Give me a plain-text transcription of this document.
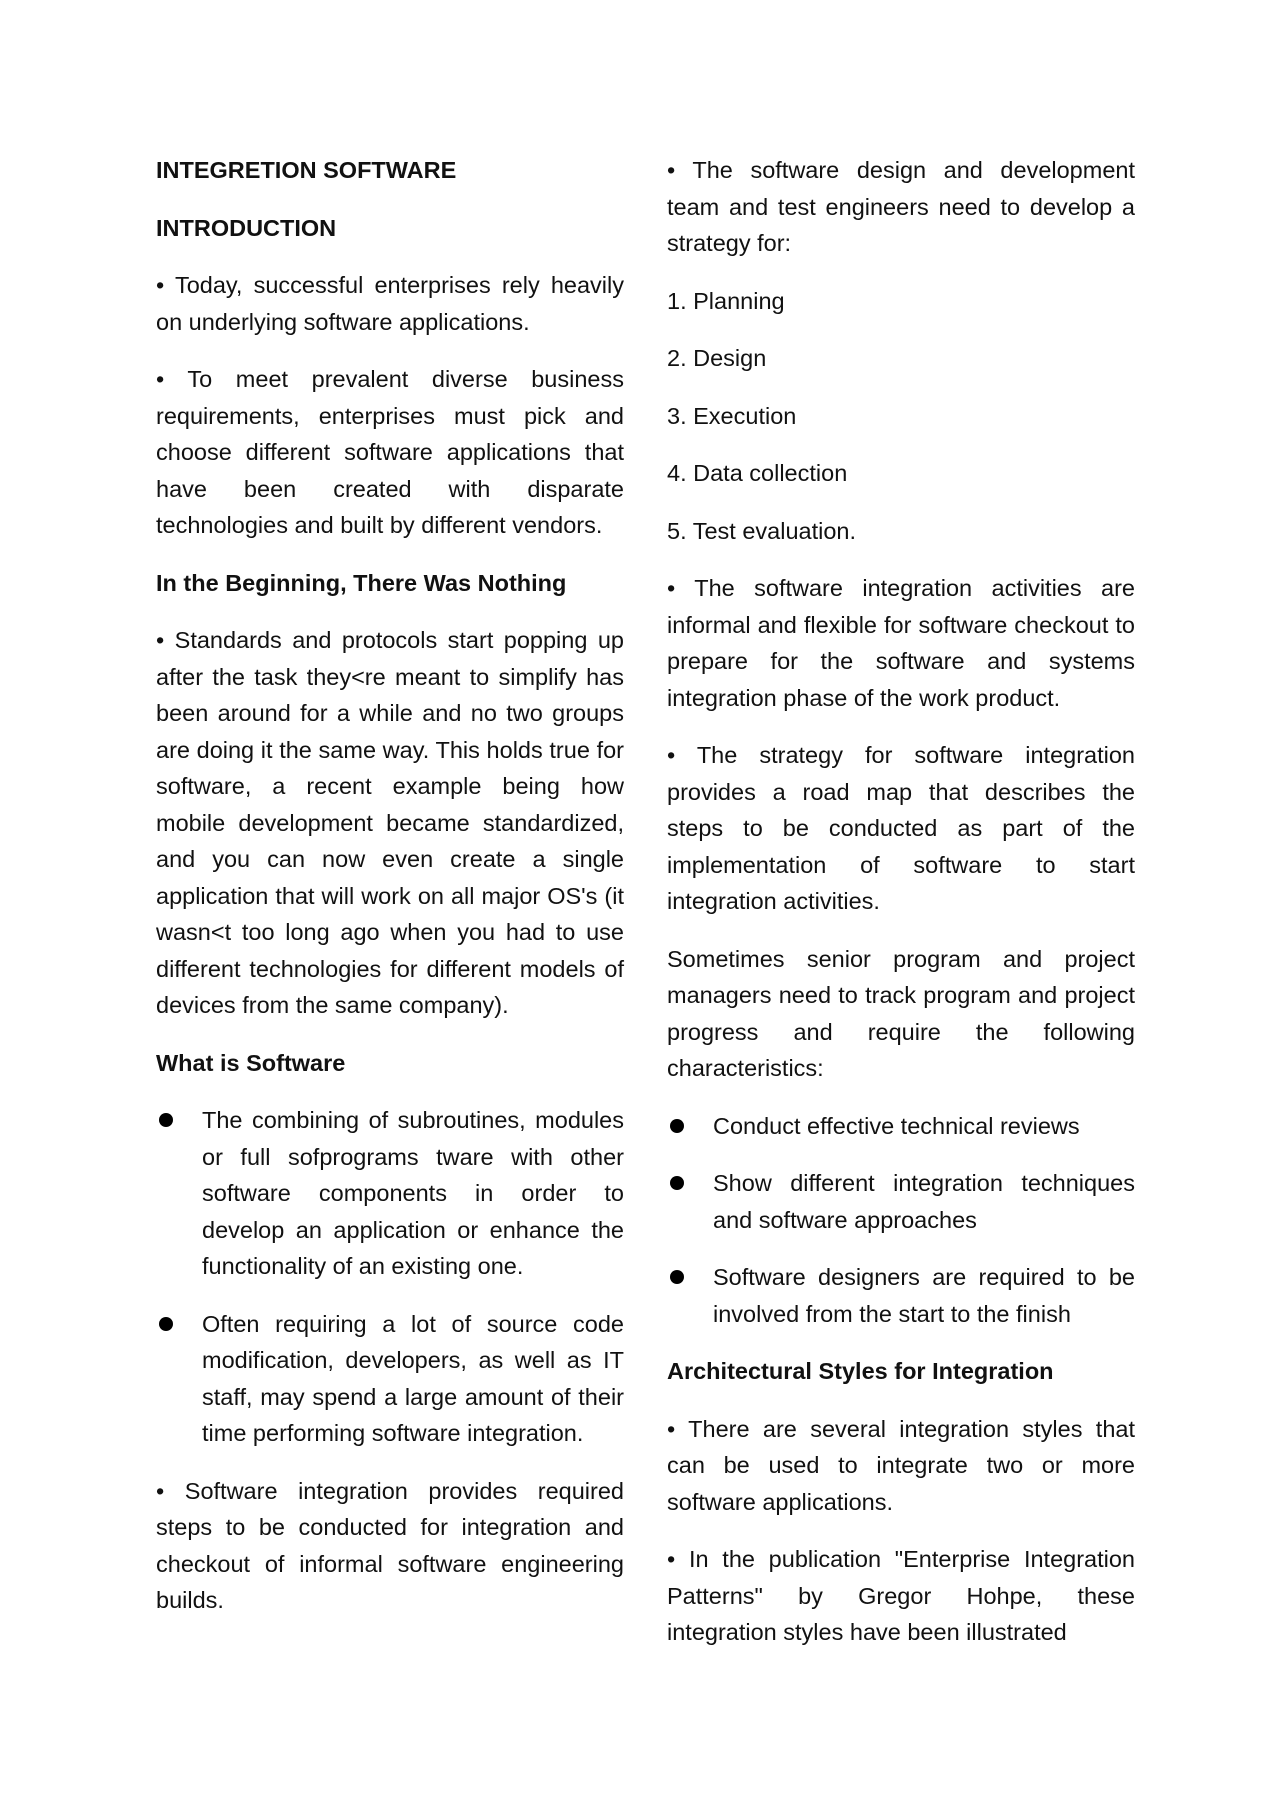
INTEGRETION SOFTWARE

INTRODUCTION

• Today, successful enterprises rely heavily on underlying software applications.

• To meet prevalent diverse business requirements, enterprises must pick and choose different software applications that have been created with disparate technologies and built by different vendors.

In the Beginning, There Was Nothing

• Standards and protocols start popping up after the task they˂re meant to simplify has been around for a while and no two groups are doing it the same way. This holds true for software, a recent example being how mobile development became standardized, and you can now even create a single application that will work on all major OS's (it wasn˂t too long ago when you had to use different technologies for different models of devices from the same company).

What is Software

The combining of subroutines, modules or full sofprograms tware with other software components in order to develop an application or enhance the functionality of an existing one.
Often requiring a lot of source code modification, developers, as well as IT staff, may spend a large amount of their time performing software integration.

• Software integration provides required steps to be conducted for integration and checkout of informal software engineering builds.

• The software design and development team and test engineers need to develop a strategy for:

1. Planning

2. Design

3. Execution

4. Data collection

5. Test evaluation.

• The software integration activities are informal and flexible for software checkout to prepare for the software and systems integration phase of the work product.

• The strategy for software integration provides a road map that describes the steps to be conducted as part of the implementation of software to start integration activities.

Sometimes senior program and project managers need to track program and project progress and require the following characteristics:

Conduct effective technical reviews
Show different integration techniques and software approaches
Software designers are required to be involved from the start to the finish

Architectural Styles for Integration

• There are several integration styles that can be used to integrate two or more software applications.

• In the publication "Enterprise Integration Patterns" by Gregor Hohpe, these integration styles have been illustrated
